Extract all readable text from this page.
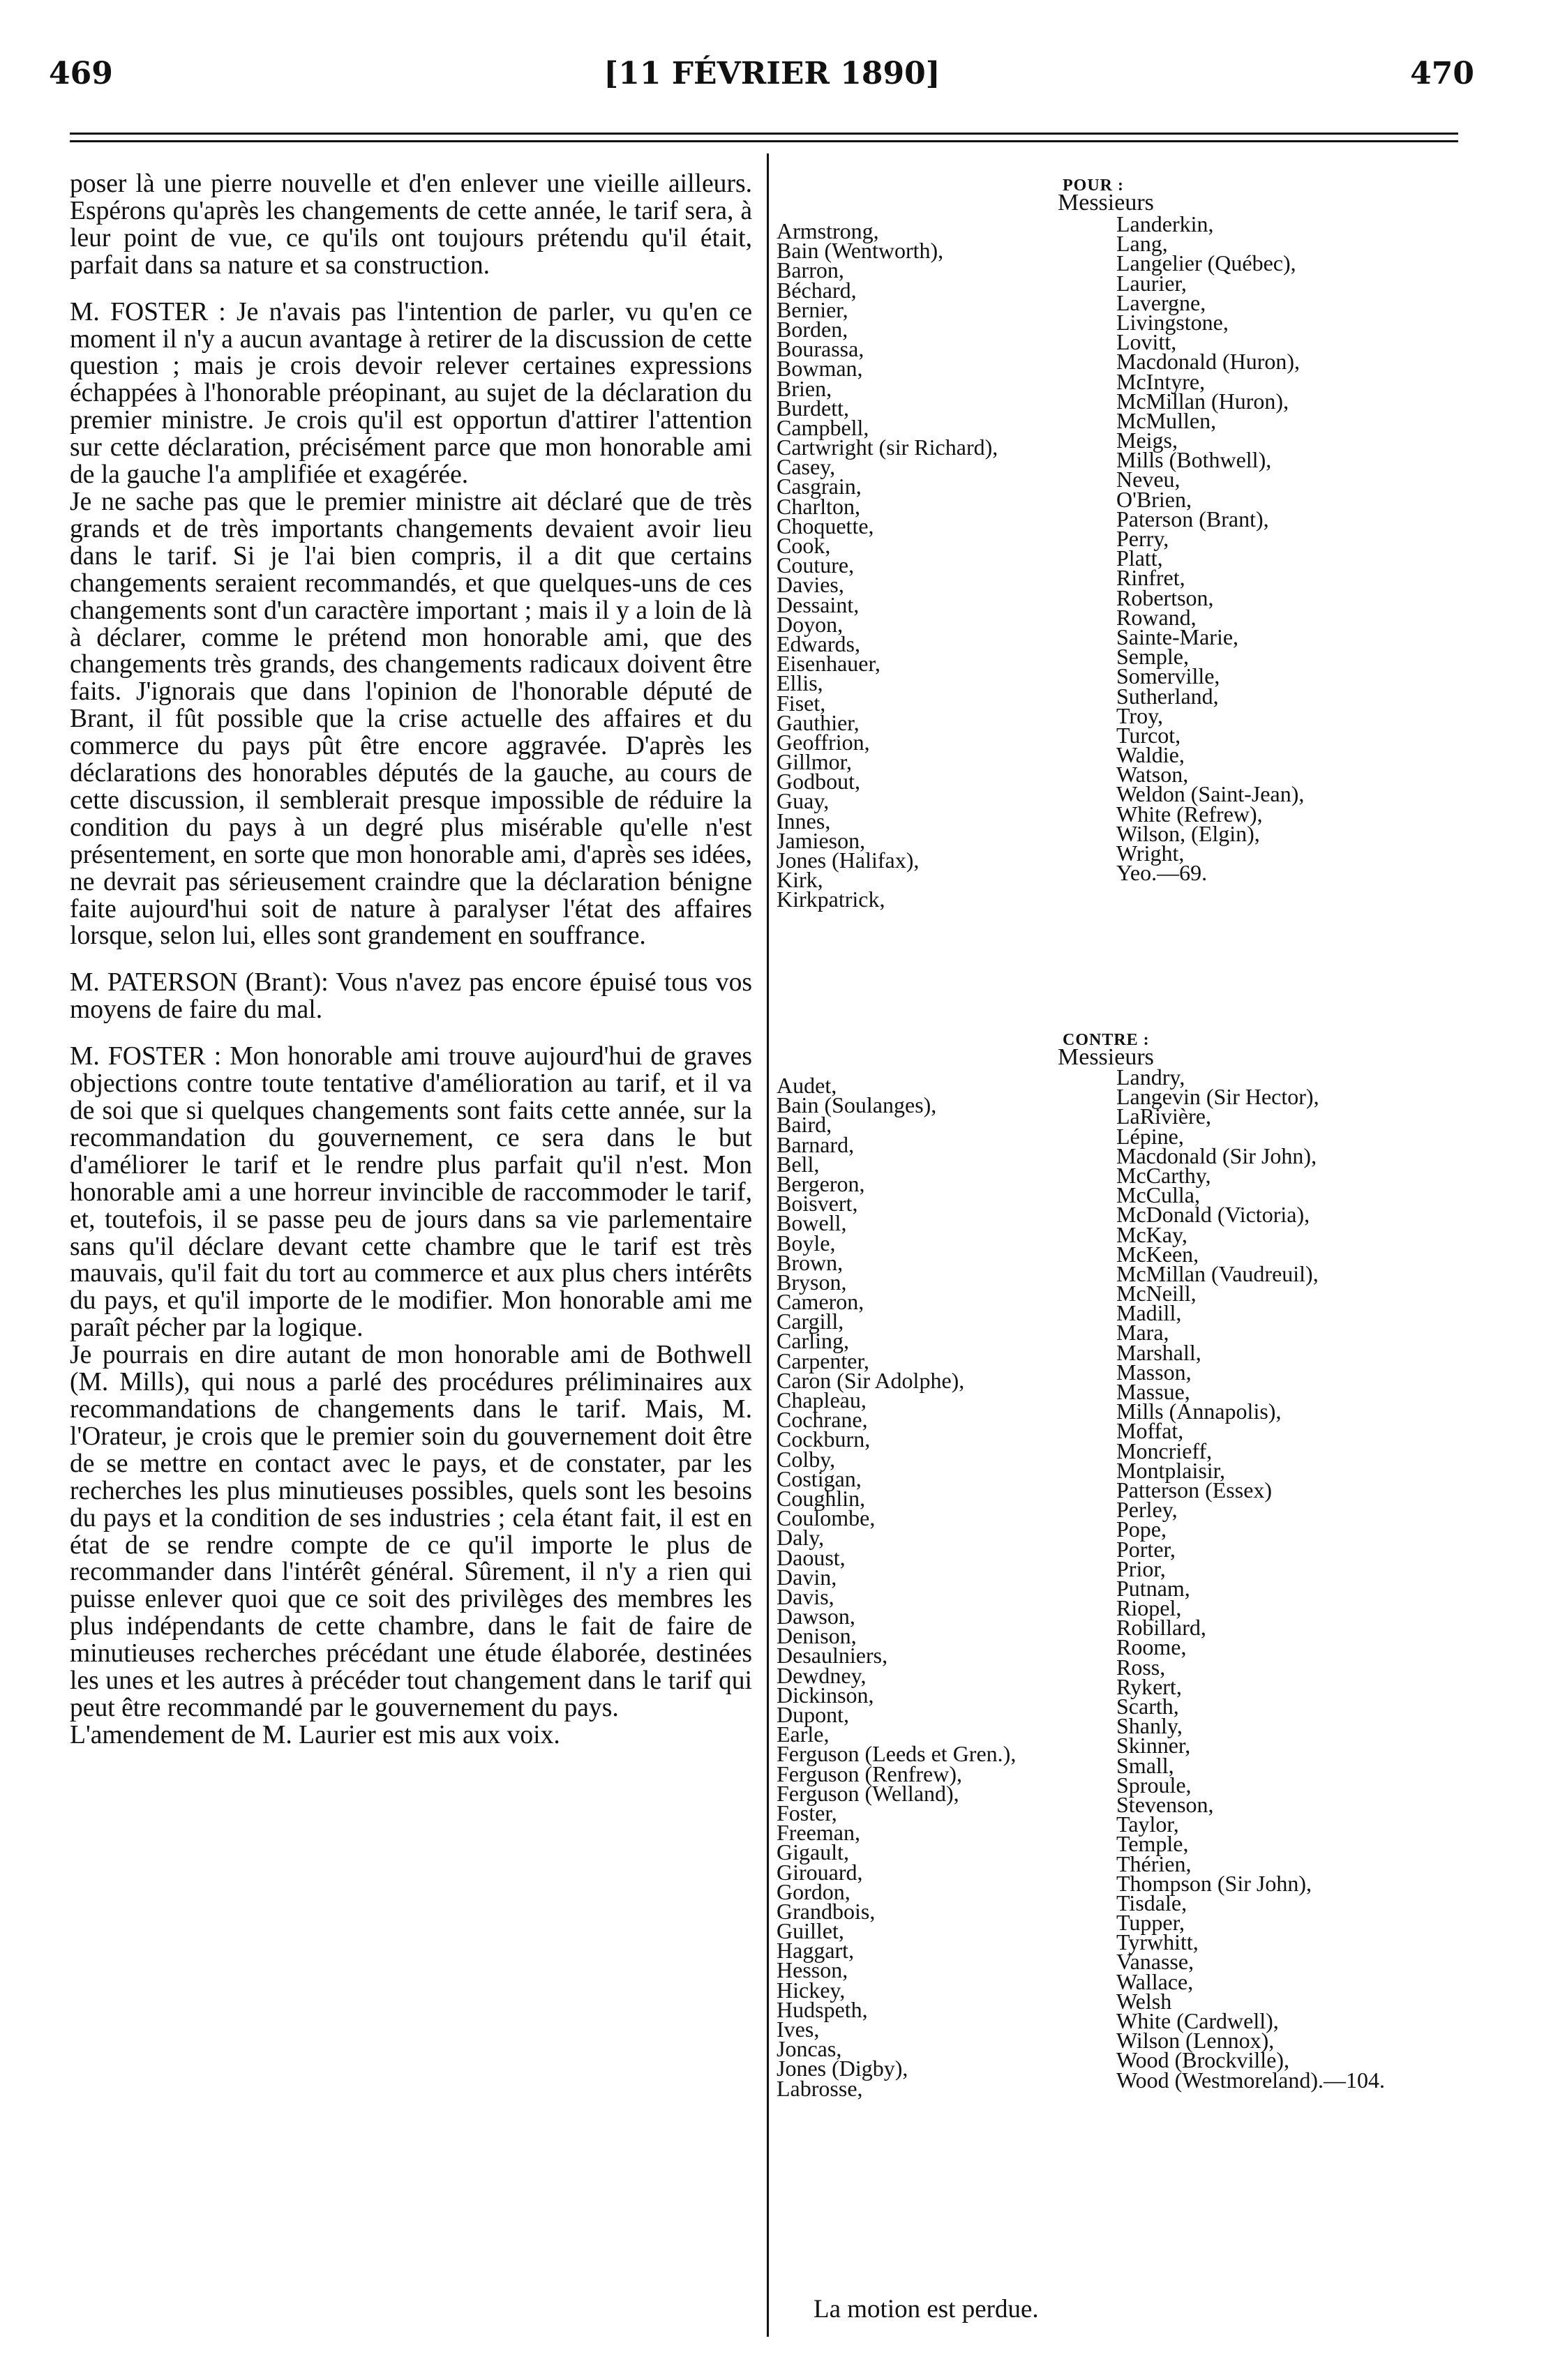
469	[11 FÉVRIER 1890]	470

poser là une pierre nouvelle et d'en enlever une vieille ailleurs. Espérons qu'après les changements de cette année, le tarif sera, à leur point de vue, ce qu'ils ont toujours prétendu qu'il était, parfait dans sa nature et sa construction.

M. FOSTER : Je n'avais pas l'intention de parler, vu qu'en ce moment il n'y a aucun avantage à retirer de la discussion de cette question ; mais je crois devoir relever certaines expressions échappées à l'honorable préopinant, au sujet de la déclaration du premier ministre. Je crois qu'il est opportun d'attirer l'attention sur cette déclaration, précisément parce que mon honorable ami de la gauche l'a amplifiée et exagérée.

Je ne sache pas que le premier ministre ait déclaré que de très grands et de très importants changements devaient avoir lieu dans le tarif. Si je l'ai bien compris, il a dit que certains changements seraient recommandés, et que quelques-uns de ces changements sont d'un caractère important ; mais il y a loin de là à déclarer, comme le prétend mon honorable ami, que des changements très grands, des changements radicaux doivent être faits. J'ignorais que dans l'opinion de l'honorable député de Brant, il fût possible que la crise actuelle des affaires et du commerce du pays pût être encore aggravée. D'après les déclarations des honorables députés de la gauche, au cours de cette discussion, il semblerait presque impossible de réduire la condition du pays à un degré plus misérable qu'elle n'est présentement, en sorte que mon honorable ami, d'après ses idées, ne devrait pas sérieusement craindre que la déclaration bénigne faite aujourd'hui soit de nature à paralyser l'état des affaires lorsque, selon lui, elles sont grandement en souffrance.

M. PATERSON (Brant): Vous n'avez pas encore épuisé tous vos moyens de faire du mal.

M. FOSTER : Mon honorable ami trouve aujourd'hui de graves objections contre toute tentative d'amélioration au tarif, et il va de soi que si quelques changements sont faits cette année, sur la recommandation du gouvernement, ce sera dans le but d'améliorer le tarif et le rendre plus parfait qu'il n'est. Mon honorable ami a une horreur invincible de raccommoder le tarif, et, toutefois, il se passe peu de jours dans sa vie parlementaire sans qu'il déclare devant cette chambre que le tarif est très mauvais, qu'il fait du tort au commerce et aux plus chers intérêts du pays, et qu'il importe de le modifier. Mon honorable ami me paraît pécher par la logique.

Je pourrais en dire autant de mon honorable ami de Bothwell (M. Mills), qui nous a parlé des procédures préliminaires aux recommandations de changements dans le tarif. Mais, M. l'Orateur, je crois que le premier soin du gouvernement doit être de se mettre en contact avec le pays, et de constater, par les recherches les plus minutieuses possibles, quels sont les besoins du pays et la condition de ses industries ; cela étant fait, il est en état de se rendre compte de ce qu'il importe le plus de recommander dans l'intérêt général. Sûrement, il n'y a rien qui puisse enlever quoi que ce soit des privilèges des membres les plus indépendants de cette chambre, dans le fait de faire de minutieuses recherches précédant une étude élaborée, destinées les unes et les autres à précéder tout changement dans le tarif qui peut être recommandé par le gouvernement du pays.

L'amendement de M. Laurier est mis aux voix.

POUR :
Messieurs
Armstrong,
Bain (Wentworth),
Barron,
Béchard,
Bernier,
Borden,
Bourassa,
Bowman,
Brien,
Burdett,
Campbell,
Cartwright (sir Richard),
Casey,
Casgrain,
Charlton,
Choquette,
Cook,
Couture,
Davies,
Dessaint,
Doyon,
Edwards,
Eisenhauer,
Ellis,
Fiset,
Gauthier,
Geoffrion,
Gillmor,
Godbout,
Guay,
Innes,
Jamieson,
Jones (Halifax),
Kirk,
Kirkpatrick,
Landerkin,
Lang,
Langelier (Québec),
Laurier,
Lavergne,
Livingstone,
Lovitt,
Macdonald (Huron),
McIntyre,
McMillan (Huron),
McMullen,
Meigs,
Mills (Bothwell),
Neveu,
O'Brien,
Paterson (Brant),
Perry,
Platt,
Rinfret,
Robertson,
Rowand,
Sainte-Marie,
Semple,
Somerville,
Sutherland,
Troy,
Turcot,
Waldie,
Watson,
Weldon (Saint-Jean),
White (Refrew),
Wilson, (Elgin),
Wright,
Yeo.—69.
CONTRE :
Messieurs
Audet,
Bain (Soulanges),
Baird,
Barnard,
Bell,
Bergeron,
Boisvert,
Bowell,
Boyle,
Brown,
Bryson,
Cameron,
Cargill,
Carling,
Carpenter,
Caron (Sir Adolphe),
Chapleau,
Cochrane,
Cockburn,
Colby,
Costigan,
Coughlin,
Coulombe,
Daly,
Daoust,
Davin,
Davis,
Dawson,
Denison,
Desaulniers,
Dewdney,
Dickinson,
Dupont,
Earle,
Ferguson (Leeds et Gren.),
Ferguson (Renfrew),
Ferguson (Welland),
Foster,
Freeman,
Gigault,
Girouard,
Gordon,
Grandbois,
Guillet,
Haggart,
Hesson,
Hickey,
Hudspeth,
Ives,
Joncas,
Jones (Digby),
Labrosse,
Landry,
Langevin (Sir Hector),
LaRivière,
Lépine,
Macdonald (Sir John),
McCarthy,
McCulla,
McDonald (Victoria),
McKay,
McKeen,
McMillan (Vaudreuil),
McNeill,
Madill,
Mara,
Marshall,
Masson,
Massue,
Mills (Annapolis),
Moffat,
Moncrieff,
Montplaisir,
Patterson (Essex)
Perley,
Pope,
Porter,
Prior,
Putnam,
Riopel,
Robillard,
Roome,
Ross,
Rykert,
Scarth,
Shanly,
Skinner,
Small,
Sproule,
Stevenson,
Taylor,
Temple,
Thérien,
Thompson (Sir John),
Tisdale,
Tupper,
Tyrwhitt,
Vanasse,
Wallace,
Welsh
White (Cardwell),
Wilson (Lennox),
Wood (Brockville),
Wood (Westmoreland).—104.
La motion est perdue.
